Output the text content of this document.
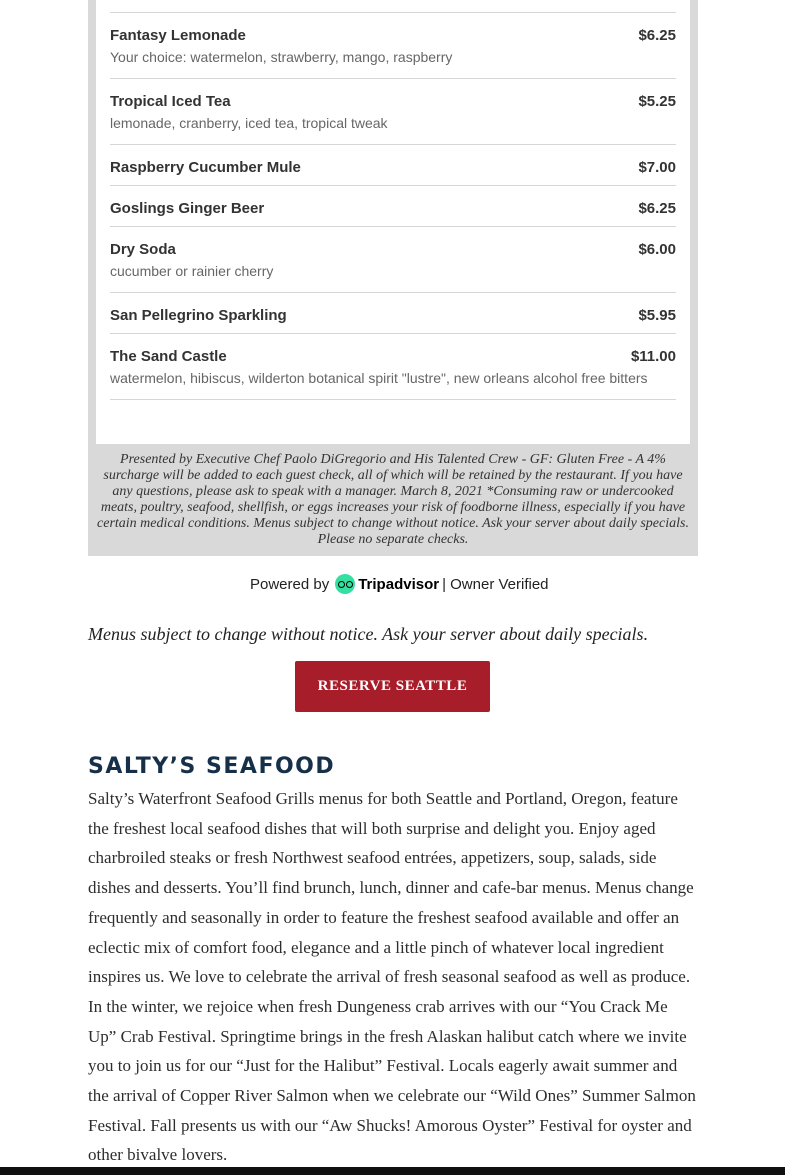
Fantasy Lemonade	$6.25
Your choice: watermelon, strawberry, mango, raspberry
Tropical Iced Tea	$5.25
lemonade, cranberry, iced tea, tropical tweak
Raspberry Cucumber Mule	$7.00
Goslings Ginger Beer	$6.25
Dry Soda	$6.00
cucumber or rainier cherry
San Pellegrino Sparkling	$5.95
The Sand Castle	$11.00
watermelon, hibiscus, wilderton botanical spirit "lustre", new orleans alcohol free bitters
Presented by Executive Chef Paolo DiGregorio and His Talented Crew - GF: Gluten Free - A 4% surcharge will be added to each guest check, all of which will be retained by the restaurant. If you have any questions, please ask to speak with a manager. March 8, 2021 *Consuming raw or undercooked meats, poultry, seafood, shellfish, or eggs increases your risk of foodborne illness, especially if you have certain medical conditions. Menus subject to change without notice. Ask your server about daily specials. Please no separate checks.
Powered by Tripadvisor | Owner Verified
Menus subject to change without notice. Ask your server about daily specials.
RESERVE SEATTLE
SALTY’S SEAFOOD

Salty’s Waterfront Seafood Grills menus for both Seattle and Portland, Oregon, feature the freshest local seafood dishes that will both surprise and delight you. Enjoy aged charbroiled steaks or fresh Northwest seafood entrées, appetizers, soup, salads, side dishes and desserts. You’ll find brunch, lunch, dinner and cafe-bar menus. Menus change frequently and seasonally in order to feature the freshest seafood available and offer an eclectic mix of comfort food, elegance and a little pinch of whatever local ingredient inspires us. We love to celebrate the arrival of fresh seasonal seafood as well as produce. In the winter, we rejoice when fresh Dungeness crab arrives with our “You Crack Me Up” Crab Festival. Springtime brings in the fresh Alaskan halibut catch where we invite you to join us for our “Just for the Halibut” Festival. Locals eagerly await summer and the arrival of Copper River Salmon when we celebrate our “Wild Ones” Summer Salmon Festival. Fall presents us with our “Aw Shucks! Amorous Oyster” Festival for oyster and other bivalve lovers.
